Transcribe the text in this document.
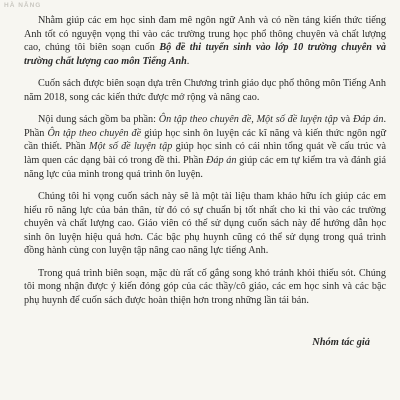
HÀ NẴNG

Nhằm giúp các em học sinh đam mê ngôn ngữ Anh và có nền tảng kiến thức tiếng Anh tốt có nguyện vọng thi vào các trường trung học phổ thông chuyên và chất lượng cao, chúng tôi biên soạn cuốn Bộ đề thi tuyển sinh vào lớp 10 trường chuyên và trường chất lượng cao môn Tiếng Anh.

Cuốn sách được biên soạn dựa trên Chương trình giáo dục phổ thông môn Tiếng Anh năm 2018, song các kiến thức được mở rộng và nâng cao.

Nội dung sách gồm ba phần: Ôn tập theo chuyên đề, Một số đề luyện tập và Đáp án. Phần Ôn tập theo chuyên đề giúp học sinh ôn luyện các kĩ năng và kiến thức ngôn ngữ cần thiết. Phần Một số đề luyện tập giúp học sinh có cái nhìn tổng quát về cấu trúc và làm quen các dạng bài có trong đề thi. Phần Đáp án giúp các em tự kiểm tra và đánh giá năng lực của mình trong quá trình ôn luyện.

Chúng tôi hi vọng cuốn sách này sẽ là một tài liệu tham khảo hữu ích giúp các em hiểu rõ năng lực của bản thân, từ đó có sự chuẩn bị tốt nhất cho kì thi vào các trường chuyên và chất lượng cao. Giáo viên có thể sử dụng cuốn sách này để hướng dẫn học sinh ôn luyện hiệu quả hơn. Các bậc phụ huynh cũng có thể sử dụng trong quá trình đồng hành cùng con luyện tập nâng cao năng lực tiếng Anh.

Trong quá trình biên soạn, mặc dù rất cố gắng song khó tránh khỏi thiếu sót. Chúng tôi mong nhận được ý kiến đóng góp của các thầy/cô giáo, các em học sinh và các bậc phụ huynh để cuốn sách được hoàn thiện hơn trong những lần tái bản.

Nhóm tác giả
